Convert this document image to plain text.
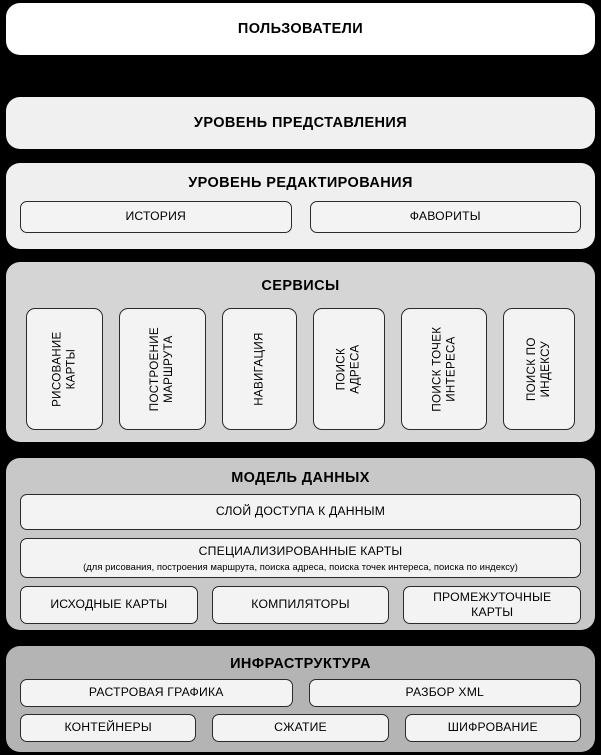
ПОЛЬЗОВАТЕЛИ
УРОВЕНЬ ПРЕДСТАВЛЕНИЯ
УРОВЕНЬ РЕДАКТИРОВАНИЯ
ИСТОРИЯ	ФАВОРИТЫ
СЕРВИСЫ
РИСОВАНИЕ
КАРТЫ	ПОСТРОЕНИЕ
МАРШРУТА	НАВИГАЦИЯ	ПОИСК
АДРЕСА	ПОИСК ТОЧЕК
ИНТЕРЕСА	ПОИСК ПО
ИНДЕКСУ
МОДЕЛЬ ДАННЫХ
СЛОЙ ДОСТУПА К ДАННЫМ
СПЕЦИАЛИЗИРОВАННЫЕ КАРТЫ
(для рисования, построения маршрута, поиска адреса, поиска точек интереса, поиска по индексу)
ИСХОДНЫЕ КАРТЫ	КОМПИЛЯТОРЫ
ПРОМЕЖУТОЧНЫЕ
КАРТЫ
ИНФРАСТРУКТУРА
РАСТРОВАЯ ГРАФИКА	РАЗБОР XML
КОНТЕЙНЕРЫ	СЖАТИЕ	ШИФРОВАНИЕ
